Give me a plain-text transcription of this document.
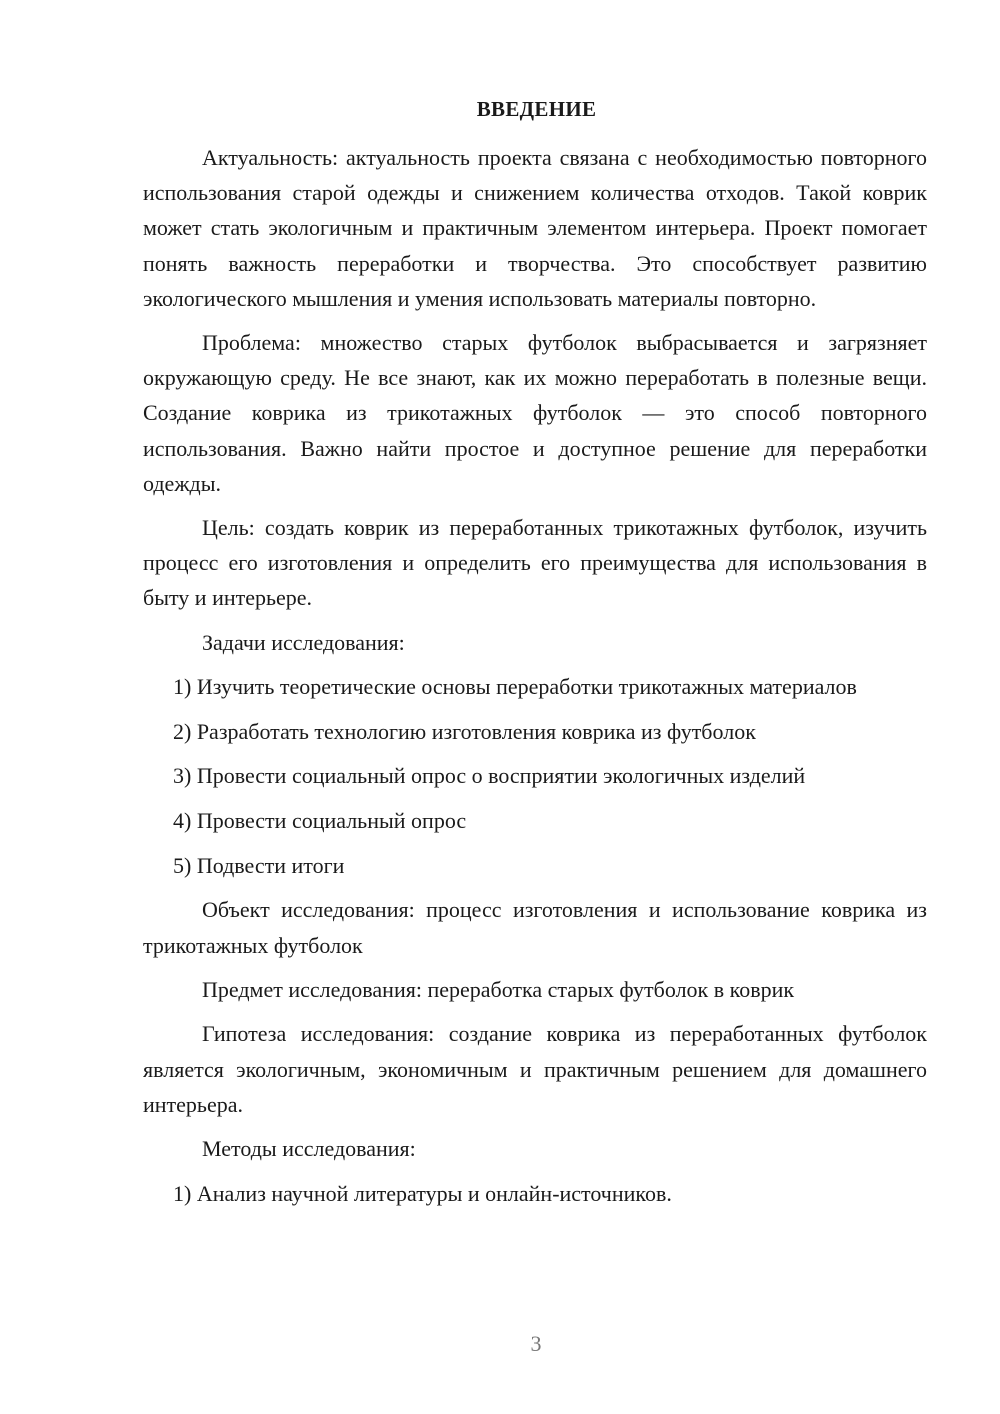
ВВЕДЕНИЕ

Актуальность: актуальность проекта связана с необходимостью повторного использования старой одежды и снижением количества отходов. Такой коврик может стать экологичным и практичным элементом интерьера. Проект помогает понять важность переработки и творчества. Это способствует развитию экологического мышления и умения использовать материалы повторно.

Проблема: множество старых футболок выбрасывается и загрязняет окружающую среду. Не все знают, как их можно переработать в полезные вещи. Создание коврика из трикотажных футболок — это способ повторного использования. Важно найти простое и доступное решение для переработки одежды.

Цель: создать коврик из переработанных трикотажных футболок, изучить процесс его изготовления и определить его преимущества для использования в быту и интерьере.

Задачи исследования:

1) Изучить теоретические основы переработки трикотажных материалов

2) Разработать технологию изготовления коврика из футболок

3) Провести социальный опрос о восприятии экологичных изделий

4) Провести социальный опрос

5) Подвести итоги

Объект исследования: процесс изготовления и использование коврика из трикотажных футболок

Предмет исследования: переработка старых футболок в коврик

Гипотеза исследования: создание коврика из переработанных футболок является экологичным, экономичным и практичным решением для домашнего интерьера.

Методы исследования:

1) Анализ научной литературы и онлайн-источников.

3
